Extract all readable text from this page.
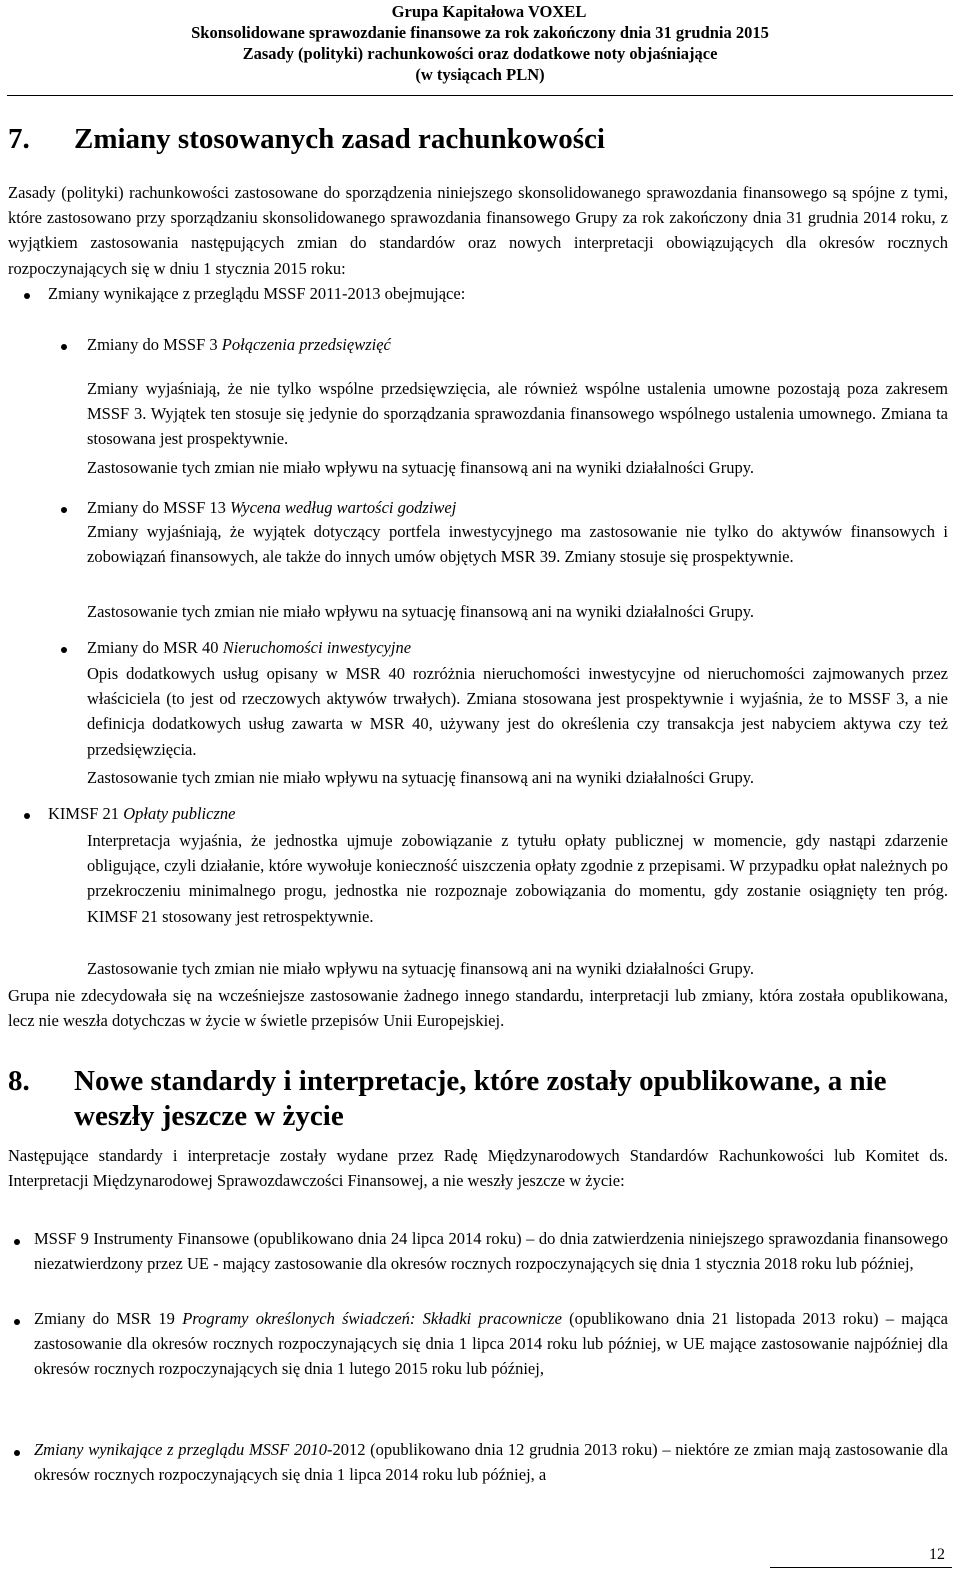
Grupa Kapitałowa VOXEL
Skonsolidowane sprawozdanie finansowe za rok zakończony dnia 31 grudnia 2015
Zasady (polityki) rachunkowości oraz dodatkowe noty objaśniające
(w tysiącach PLN)
7. Zmiany stosowanych zasad rachunkowości
Zasady (polityki) rachunkowości zastosowane do sporządzenia niniejszego skonsolidowanego sprawozdania finansowego są spójne z tymi, które zastosowano przy sporządzaniu skonsolidowanego sprawozdania finansowego Grupy za rok zakończony dnia 31 grudnia 2014 roku, z wyjątkiem zastosowania następujących zmian do standardów oraz nowych interpretacji obowiązujących dla okresów rocznych rozpoczynających się w dniu 1 stycznia 2015 roku:
Zmiany wynikające z przeglądu MSSF 2011-2013 obejmujące:
Zmiany do MSSF 3 Połączenia przedsięwzięć
Zmiany wyjaśniają, że nie tylko wspólne przedsięwzięcia, ale również wspólne ustalenia umowne pozostają poza zakresem MSSF 3. Wyjątek ten stosuje się jedynie do sporządzania sprawozdania finansowego wspólnego ustalenia umownego. Zmiana ta stosowana jest prospektywnie.
Zastosowanie tych zmian nie miało wpływu na sytuację finansową ani na wyniki działalności Grupy.
Zmiany do MSSF 13 Wycena według wartości godziwej
Zmiany wyjaśniają, że wyjątek dotyczący portfela inwestycyjnego ma zastosowanie nie tylko do aktywów finansowych i zobowiązań finansowych, ale także do innych umów objętych MSR 39. Zmiany stosuje się prospektywnie.
Zastosowanie tych zmian nie miało wpływu na sytuację finansową ani na wyniki działalności Grupy.
Zmiany do MSR 40 Nieruchomości inwestycyjne
Opis dodatkowych usług opisany w MSR 40 rozróżnia nieruchomości inwestycyjne od nieruchomości zajmowanych przez właściciela (to jest od rzeczowych aktywów trwałych). Zmiana stosowana jest prospektywnie i wyjaśnia, że to MSSF 3, a nie definicja dodatkowych usług zawarta w MSR 40, używany jest do określenia czy transakcja jest nabyciem aktywa czy też przedsięwzięcia.
Zastosowanie tych zmian nie miało wpływu na sytuację finansową ani na wyniki działalności Grupy.
KIMSF 21 Opłaty publiczne
Interpretacja wyjaśnia, że jednostka ujmuje zobowiązanie z tytułu opłaty publicznej w momencie, gdy nastąpi zdarzenie obligujące, czyli działanie, które wywołuje konieczność uiszczenia opłaty zgodnie z przepisami. W przypadku opłat należnych po przekroczeniu minimalnego progu, jednostka nie rozpoznaje zobowiązania do momentu, gdy zostanie osiągnięty ten próg. KIMSF 21 stosowany jest retrospektywnie.
Zastosowanie tych zmian nie miało wpływu na sytuację finansową ani na wyniki działalności Grupy.
Grupa nie zdecydowała się na wcześniejsze zastosowanie żadnego innego standardu, interpretacji lub zmiany, która została opublikowana, lecz nie weszła dotychczas w życie w świetle przepisów Unii Europejskiej.
8. Nowe standardy i interpretacje, które zostały opublikowane, a nie
weszły jeszcze w życie
Następujące standardy i interpretacje zostały wydane przez Radę Międzynarodowych Standardów Rachunkowości lub Komitet ds. Interpretacji Międzynarodowej Sprawozdawczości Finansowej, a nie weszły jeszcze w życie:
MSSF 9 Instrumenty Finansowe (opublikowano dnia 24 lipca 2014 roku) – do dnia zatwierdzenia niniejszego sprawozdania finansowego niezatwierdzony przez UE - mający zastosowanie dla okresów rocznych rozpoczynających się dnia 1 stycznia 2018 roku lub później,
Zmiany do MSR 19 Programy określonych świadczeń: Składki pracownicze (opublikowano dnia 21 listopada 2013 roku) – mająca zastosowanie dla okresów rocznych rozpoczynających się dnia 1 lipca 2014 roku lub później, w UE mające zastosowanie najpóźniej dla okresów rocznych rozpoczynających się dnia 1 lutego 2015 roku lub później,
Zmiany wynikające z przeglądu MSSF 2010-2012 (opublikowano dnia 12 grudnia 2013 roku) – niektóre ze zmian mają zastosowanie dla okresów rocznych rozpoczynających się dnia 1 lipca 2014 roku lub później, a
12
